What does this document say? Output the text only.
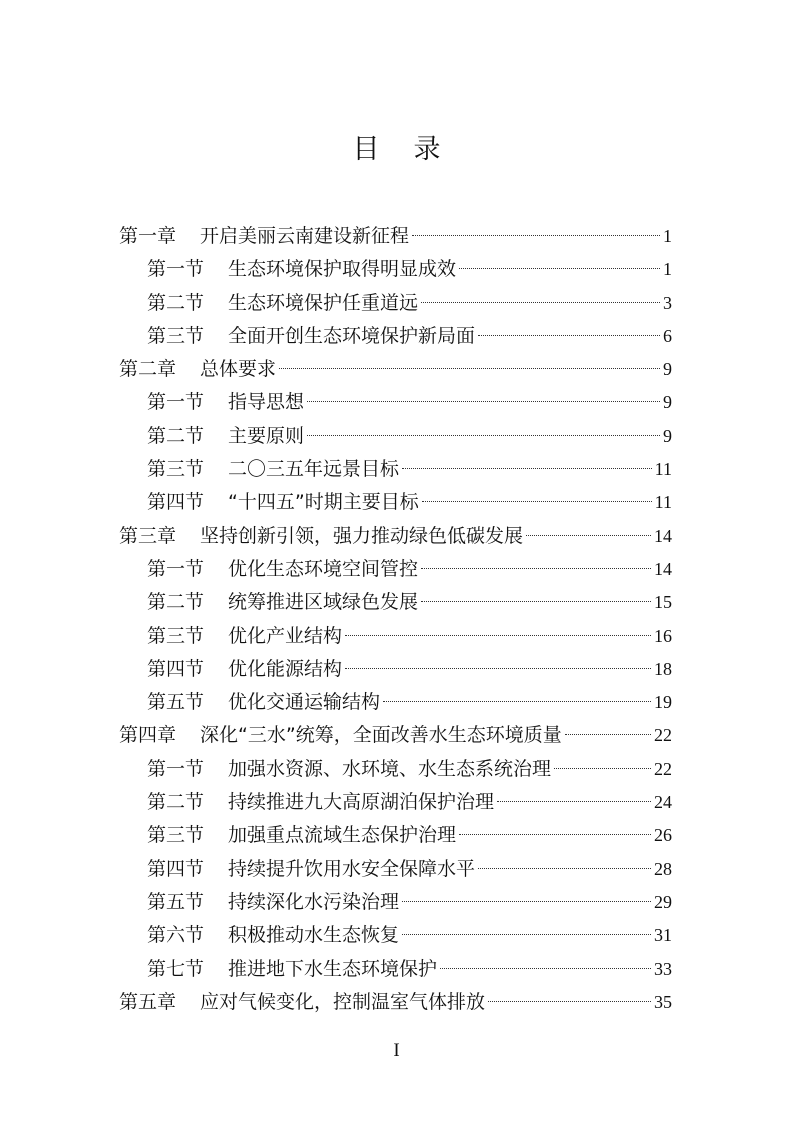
目录
第一章 开启美丽云南建设新征程	1
第一节 生态环境保护取得明显成效	1
第二节 生态环境保护任重道远	3
第三节 全面开创生态环境保护新局面	6
第二章 总体要求	9
第一节 指导思想	9
第二节 主要原则	9
第三节 二〇三五年远景目标	11
第四节 “十四五”时期主要目标	11
第三章 坚持创新引领，强力推动绿色低碳发展	14
第一节 优化生态环境空间管控	14
第二节 统筹推进区域绿色发展	15
第三节 优化产业结构	16
第四节 优化能源结构	18
第五节 优化交通运输结构	19
第四章 深化“三水”统筹，全面改善水生态环境质量	22
第一节 加强水资源、水环境、水生态系统治理	22
第二节 持续推进九大高原湖泊保护治理	24
第三节 加强重点流域生态保护治理	26
第四节 持续提升饮用水安全保障水平	28
第五节 持续深化水污染治理	29
第六节 积极推动水生态恢复	31
第七节 推进地下水生态环境保护	33
第五章 应对气候变化，控制温室气体排放	35
I
